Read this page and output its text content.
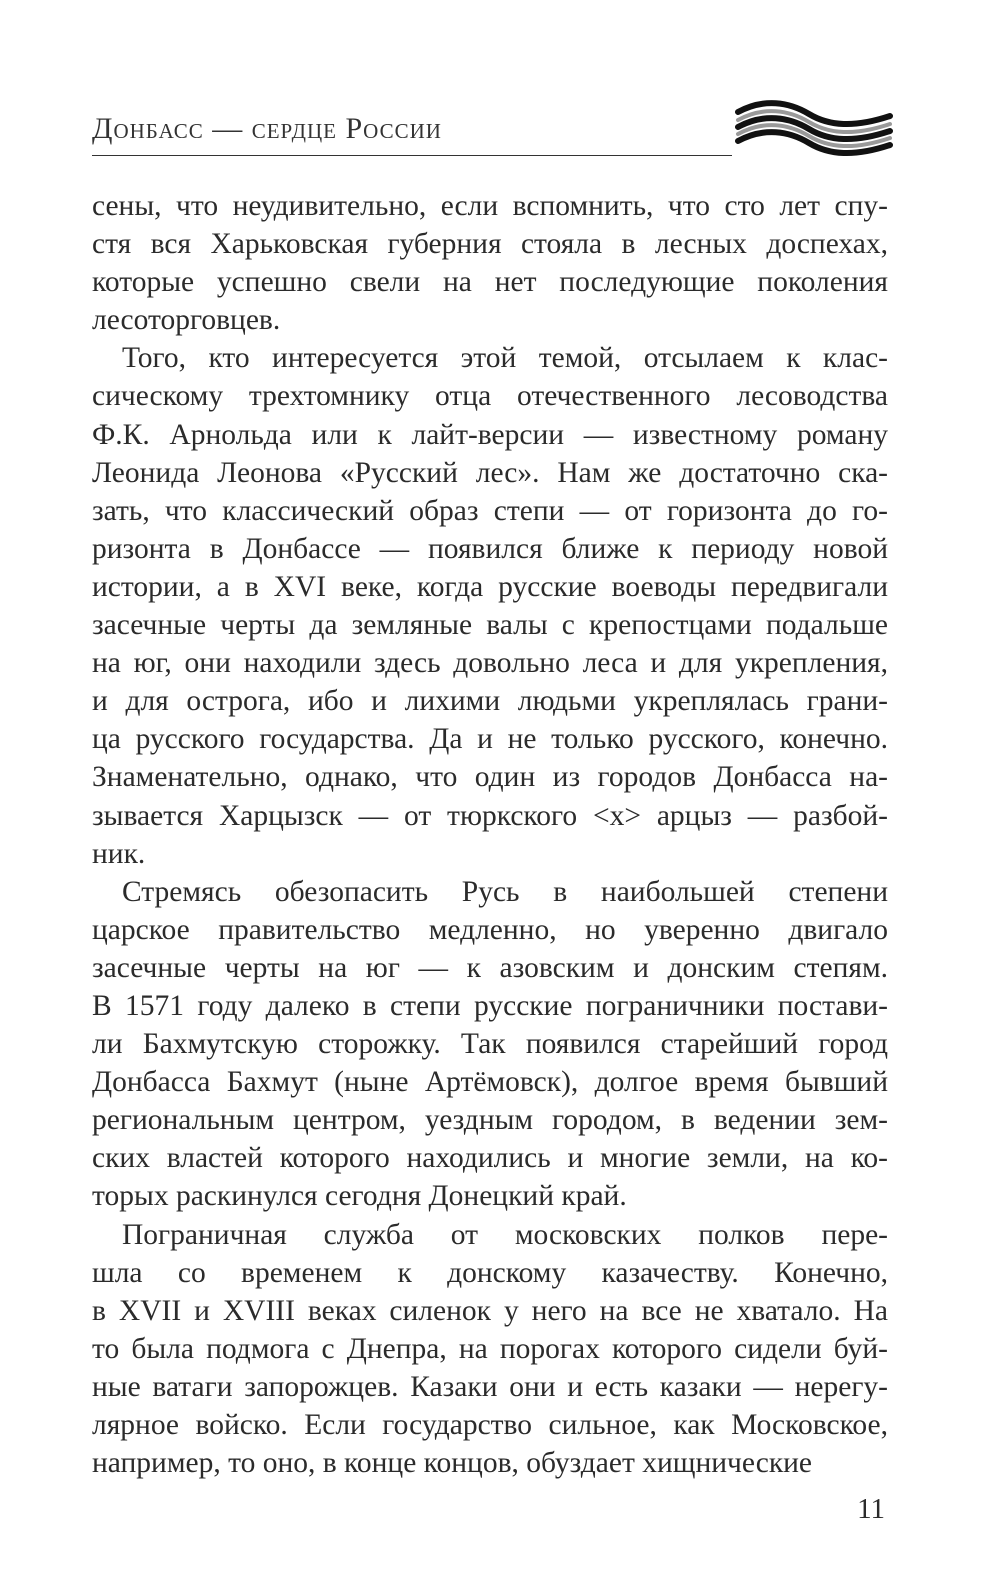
Донбасс — сердце России
сены, что неудивительно, если вспомнить, что сто лет спу-
стя вся Харьковская губерния стояла в лесных доспехах,
которые успешно свели на нет последующие поколения
лесоторговцев.
Того, кто интересуется этой темой, отсылаем к клас-
сическому трехтомнику отца отечественного лесоводства
Ф.К. Арнольда или к лайт-версии — известному роману
Леонида Леонова «Русский лес». Нам же достаточно ска-
зать, что классический образ степи — от горизонта до го-
ризонта в Донбассе — появился ближе к периоду новой
истории, а в XVI веке, когда русские воеводы передвигали
засечные черты да земляные валы с крепостцами подальше
на юг, они находили здесь довольно леса и для укрепления,
и для острога, ибо и лихими людьми укреплялась грани-
ца русского государства. Да и не только русского, конечно.
Знаменательно, однако, что один из городов Донбасса на-
зывается Харцызск — от тюркского <х> арцыз — разбой-
ник.
Стремясь обезопасить Русь в наибольшей степени
царское правительство медленно, но уверенно двигало
засечные черты на юг — к азовским и донским степям.
В 1571 году далеко в степи русские пограничники постави-
ли Бахмутскую сторожку. Так появился старейший город
Донбасса Бахмут (ныне Артёмовск), долгое время бывший
региональным центром, уездным городом, в ведении зем-
ских властей которого находились и многие земли, на ко-
торых раскинулся сегодня Донецкий край.
Пограничная служба от московских полков пере-
шла со временем к донскому казачеству. Конечно,
в XVII и XVIII веках силенок у него на все не хватало. На
то была подмога с Днепра, на порогах которого сидели буй-
ные ватаги запорожцев. Казаки они и есть казаки — нерегу-
лярное войско. Если государство сильное, как Московское,
например, то оно, в конце концов, обуздает хищнические
11
